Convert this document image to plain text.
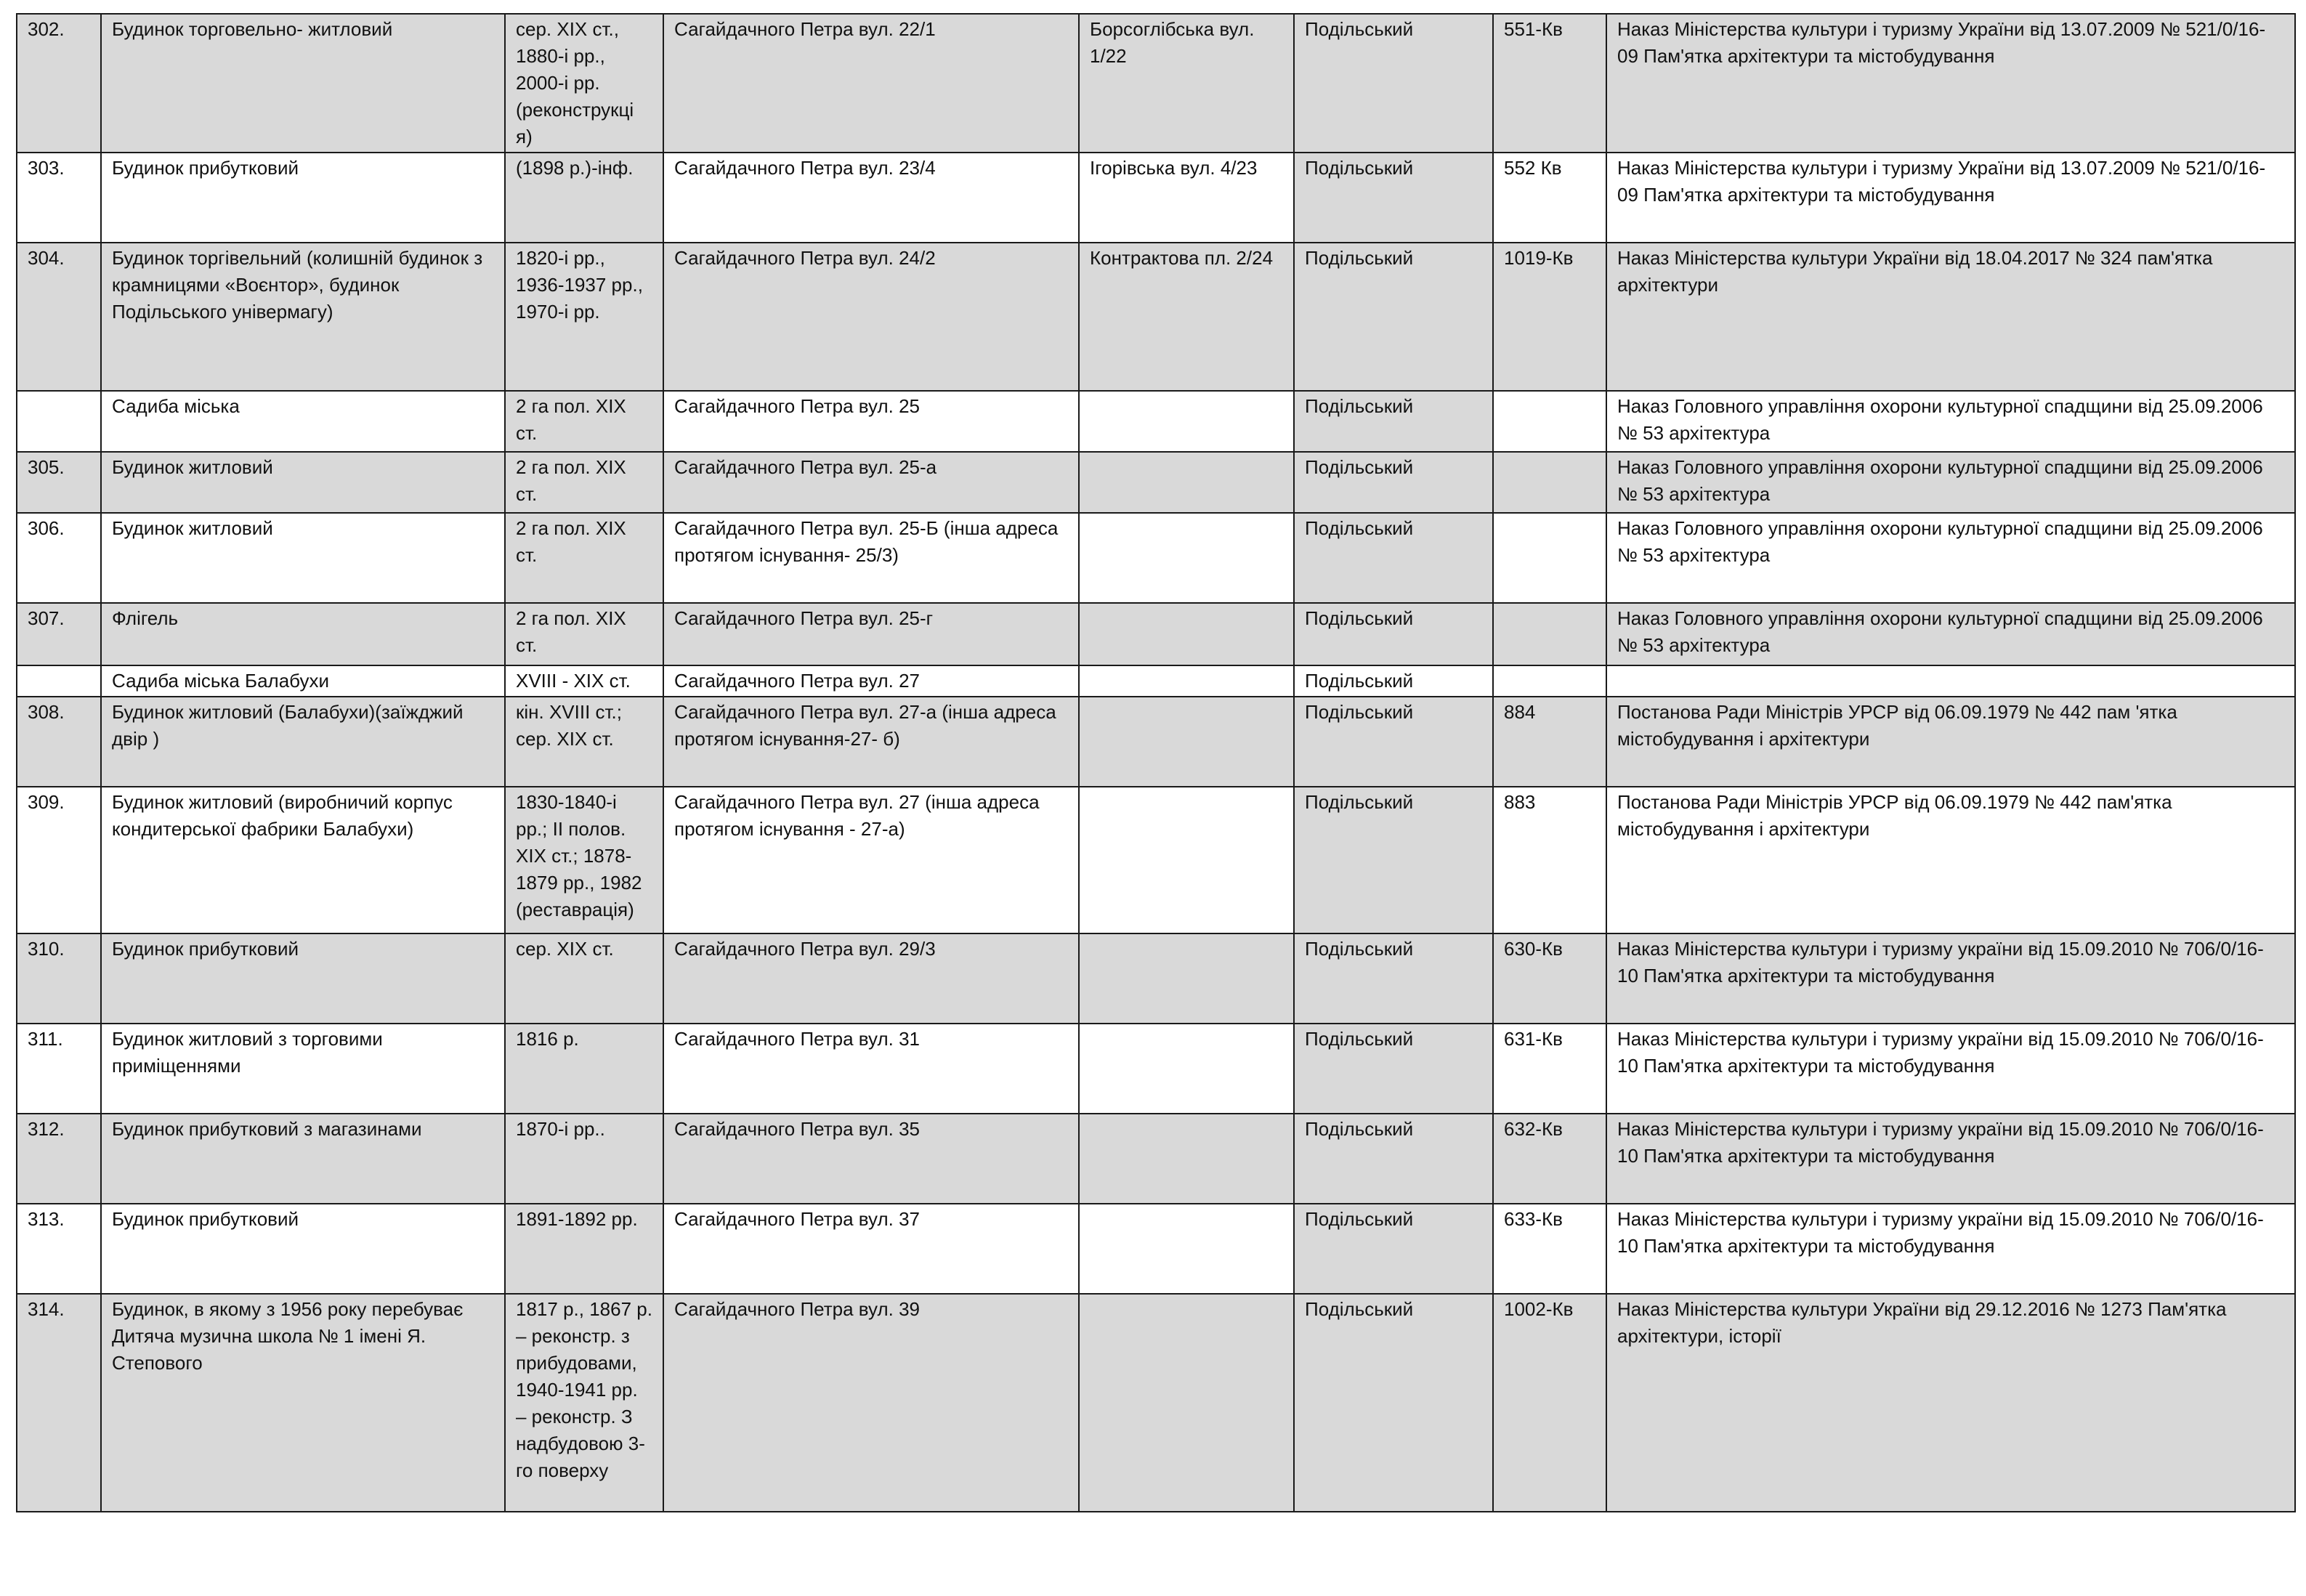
302.	Будинок торговельно- житловий	сер. ХІХ ст., 1880-і рр., 2000-і рр. (реконструкці я)	Сагайдачного Петра вул. 22/1	Борсоглібська вул. 1/22	Подільський	551-Кв	Наказ Міністерства культури і туризму України від 13.07.2009 № 521/0/16-09 Пам'ятка архітектури та містобудування
303.	Будинок прибутковий	(1898 р.)-інф.	Сагайдачного Петра вул. 23/4	Ігорівська вул. 4/23	Подільський	552 Кв	Наказ Міністерства культури і туризму України від 13.07.2009 № 521/0/16-09 Пам'ятка архітектури та містобудування
304.	Будинок торгівельний (колишній будинок з крамницями «Воєнтор», будинок Подільського універмагу)	1820-і рр., 1936-1937 рр., 1970-і рр.	Сагайдачного Петра вул. 24/2	Контрактова пл. 2/24	Подільський	1019-Кв	Наказ Міністерства культури України від 18.04.2017 № 324 пам'ятка архітектури
	Садиба міська	2 га пол. ХІХ ст.	Сагайдачного Петра вул. 25		Подільський		Наказ Головного управління охорони культурної спадщини від 25.09.2006 № 53 архітектура
305.	Будинок житловий	2 га пол. ХІХ ст.	Сагайдачного Петра вул. 25-а		Подільський		Наказ Головного управління охорони культурної спадщини від 25.09.2006 № 53 архітектура
306.	Будинок житловий	2 га пол. ХІХ ст.	Сагайдачного Петра вул. 25-Б (інша адреса протягом існування- 25/3)		Подільський		Наказ Головного управління охорони культурної спадщини від 25.09.2006 № 53 архітектура
307.	Флігель	2 га пол. ХІХ ст.	Сагайдачного Петра вул. 25-г		Подільський		Наказ Головного управління охорони культурної спадщини від 25.09.2006 № 53 архітектура
	Садиба міська Балабухи	XVIII - ХІХ ст.	Сагайдачного Петра вул. 27		Подільський		
308.	Будинок житловий (Балабухи)(заїжджий двір )	кін. XVIII ст.; сер. ХІХ ст.	Сагайдачного Петра вул. 27-а (інша адреса протягом існування-27- б)		Подільський	884	Постанова Ради Міністрів УРСР від 06.09.1979 № 442 пам 'ятка містобудування і архітектури
309.	Будинок житловий (виробничий корпус кондитерської фабрики Балабухи)	1830-1840-і рр.; ІІ полов. ХІХ ст.; 1878-1879 рр., 1982 (реставрація)	Сагайдачного Петра вул. 27 (інша адреса протягом існування - 27-а)		Подільський	883	Постанова Ради Міністрів УРСР від 06.09.1979 № 442 пам'ятка містобудування і архітектури
310.	Будинок прибутковий	сер. ХІХ ст.	Сагайдачного Петра вул. 29/3		Подільський	630-Кв	Наказ Міністерства культури і туризму україни від 15.09.2010 № 706/0/16-10 Пам'ятка архітектури та містобудування
311.	Будинок житловий з торговими приміщеннями	1816 р.	Сагайдачного Петра вул. 31		Подільський	631-Кв	Наказ Міністерства культури і туризму україни від 15.09.2010 № 706/0/16-10 Пам'ятка архітектури та містобудування
312.	Будинок прибутковий з магазинами	1870-і рр..	Сагайдачного Петра вул. 35		Подільський	632-Кв	Наказ Міністерства культури і туризму україни від 15.09.2010 № 706/0/16-10 Пам'ятка архітектури та містобудування
313.	Будинок прибутковий	1891-1892 рр.	Сагайдачного Петра вул. 37		Подільський	633-Кв	Наказ Міністерства культури і туризму україни від 15.09.2010 № 706/0/16-10 Пам'ятка архітектури та містобудування
314.	Будинок, в якому з 1956 року перебуває Дитяча музична школа № 1 імені Я. Степового	1817 р., 1867 р. – реконстр. з прибудовами, 1940-1941 рр. – реконстр. З надбудовою 3- го поверху	Сагайдачного Петра вул. 39		Подільський	1002-Кв	Наказ Міністерства культури України від 29.12.2016 № 1273 Пам'ятка архітектури, історії
